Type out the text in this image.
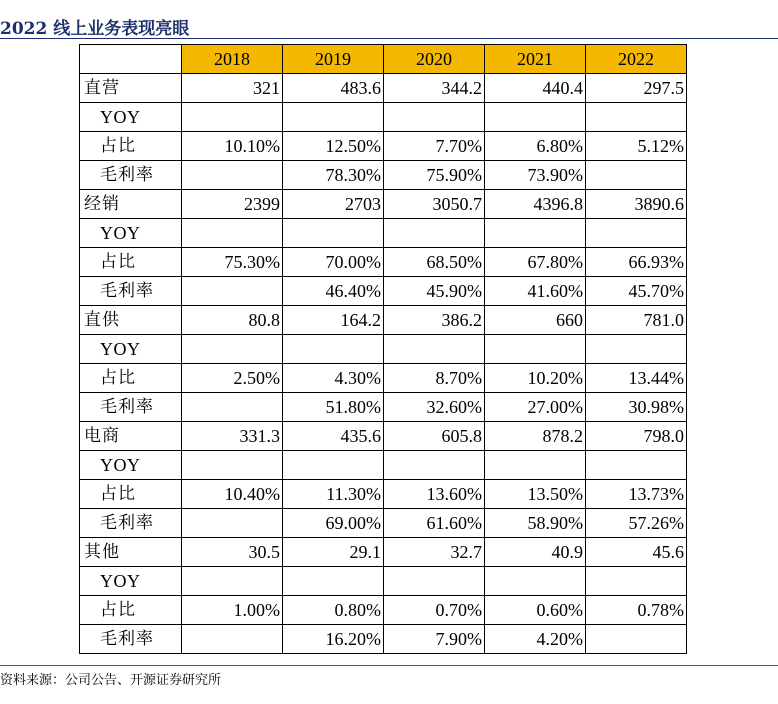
2022 线上业务表现亮眼
	2018	2019	2020	2021	2022
直营	321	483.6	344.2	440.4	297.5
YOY					
占比	10.10%	12.50%	7.70%	6.80%	5.12%
毛利率		78.30%	75.90%	73.90%	
经销	2399	2703	3050.7	4396.8	3890.6
YOY					
占比	75.30%	70.00%	68.50%	67.80%	66.93%
毛利率		46.40%	45.90%	41.60%	45.70%
直供	80.8	164.2	386.2	660	781.0
YOY					
占比	2.50%	4.30%	8.70%	10.20%	13.44%
毛利率		51.80%	32.60%	27.00%	30.98%
电商	331.3	435.6	605.8	878.2	798.0
YOY					
占比	10.40%	11.30%	13.60%	13.50%	13.73%
毛利率		69.00%	61.60%	58.90%	57.26%
其他	30.5	29.1	32.7	40.9	45.6
YOY					
占比	1.00%	0.80%	0.70%	0.60%	0.78%
毛利率		16.20%	7.90%	4.20%	
资料来源：公司公告、开源证券研究所
